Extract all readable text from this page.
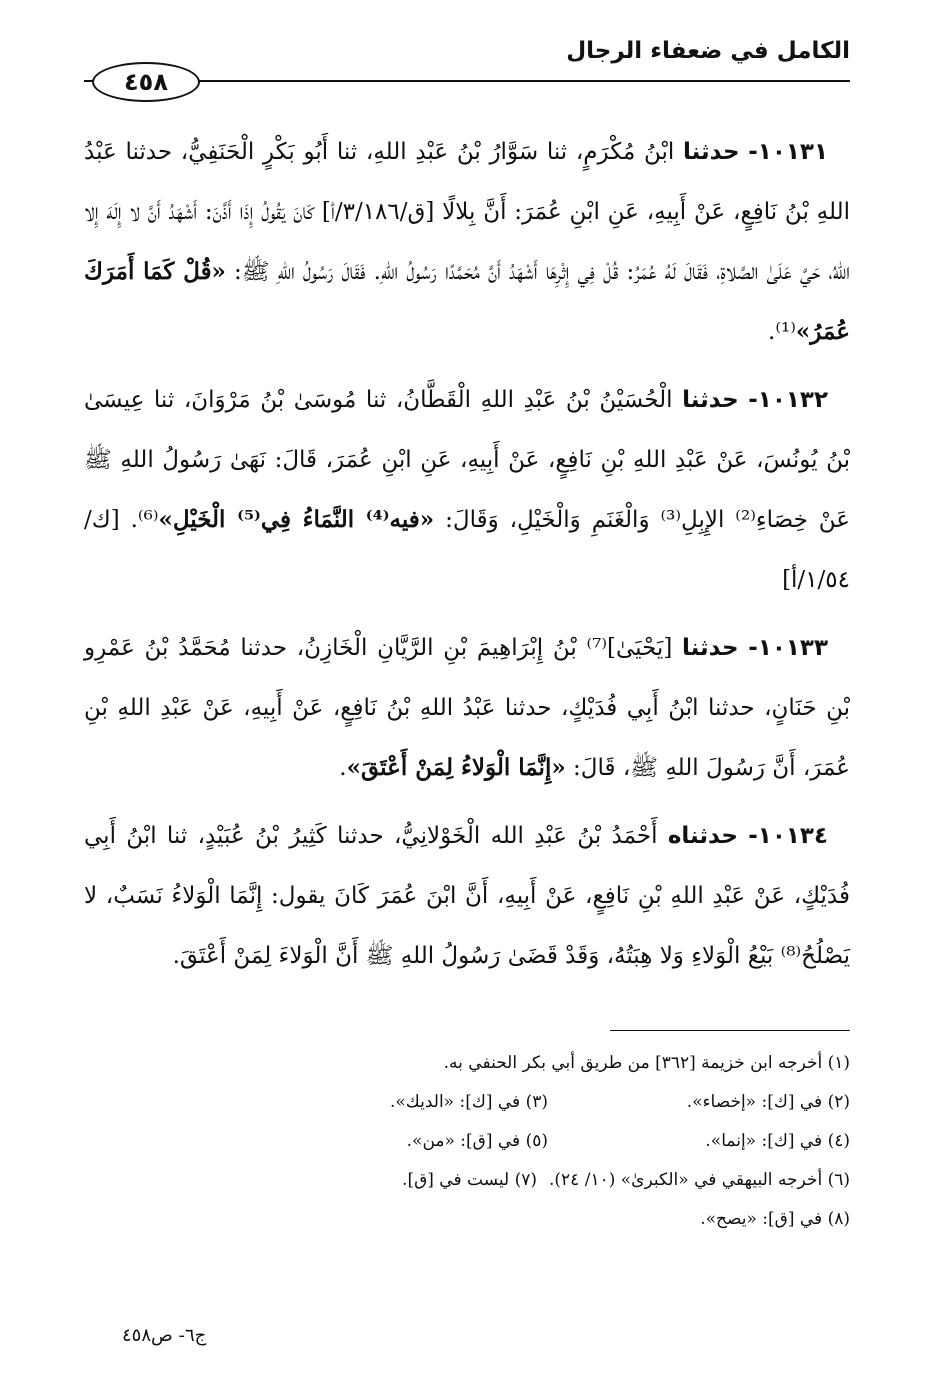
الكامل في ضعفاء الرجال
٤٥٨

١٠١٣١- حدثنا ابْنُ مُكْرَمٍ، ثنا سَوَّارُ بْنُ عَبْدِ اللهِ، ثنا أَبُو بَكْرٍ الْحَنَفِيُّ، حدثنا عَبْدُ اللهِ بْنُ نَافِعٍ، عَنْ أَبِيهِ، عَنِ ابْنِ عُمَرَ: أَنَّ بِلالًا [ق/٣/١٨٦/أ] كَانَ يَقُولُ إِذَا أَذَّنَ: أَشْهَدُ أَنَّ لا إِلَهَ إِلا اللهُ، حَيَّ عَلَىٰ الصَّلاةِ، فَقَالَ لَهُ عُمَرُ: قُلْ فِي إِثْرِهَا أَشْهَدُ أَنَّ مُحَمَّدًا رَسُولُ اللهِ. فَقَالَ رَسُولُ اللهِ ﷺ: «قُلْ كَمَا أَمَرَكَ عُمَرُ»⁽¹⁾.

١٠١٣٢- حدثنا الْحُسَيْنُ بْنُ عَبْدِ اللهِ الْقَطَّانُ، ثنا مُوسَىٰ بْنُ مَرْوَانَ، ثنا عِيسَىٰ بْنُ يُونُسَ، عَنْ عَبْدِ اللهِ بْنِ نَافِعٍ، عَنْ أَبِيهِ، عَنِ ابْنِ عُمَرَ، قَالَ: نَهَىٰ رَسُولُ اللهِ ﷺ عَنْ خِصَاءِ⁽²⁾ الإِبِلِ⁽³⁾ وَالْغَنَمِ وَالْخَيْلِ، وَقَالَ: «فيه⁽⁴⁾ النَّمَاءُ فِي⁽⁵⁾ الْخَيْلِ»⁽⁶⁾. [ك/١/٥٤/أ]

١٠١٣٣- حدثنا [يَحْيَىٰ]⁽⁷⁾ بْنُ إِبْرَاهِيمَ بْنِ الرَّيَّانِ الْخَازِنُ، حدثنا مُحَمَّدُ بْنُ عَمْرِو بْنِ حَنَانٍ، حدثنا ابْنُ أَبِي فُدَيْكٍ، حدثنا عَبْدُ اللهِ بْنُ نَافِعٍ، عَنْ أَبِيهِ، عَنْ عَبْدِ اللهِ بْنِ عُمَرَ، أَنَّ رَسُولَ اللهِ ﷺ، قَالَ: «إِنَّمَا الْوَلاءُ لِمَنْ أَعْتَقَ».

١٠١٣٤- حدثناه أَحْمَدُ بْنُ عَبْدِ الله الْخَوْلانِيُّ، حدثنا كَثِيرُ بْنُ عُبَيْدٍ، ثنا ابْنُ أَبِي فُدَيْكٍ، عَنْ عَبْدِ اللهِ بْنِ نَافِعٍ، عَنْ أَبِيهِ، أَنَّ ابْنَ عُمَرَ كَانَ يقول: إِنَّمَا الْوَلاءُ نَسَبٌ، لا يَصْلُحُ⁽⁸⁾ بَيْعُ الْوَلاءِ وَلا هِبَتُهُ، وَقَدْ قَضَىٰ رَسُولُ اللهِ ﷺ أَنَّ الْوَلاءَ لِمَنْ أَعْتَقَ.

(١) أخرجه ابن خزيمة [٣٦٢] من طريق أبي بكر الحنفي به.
(٢) في [ك]: «إخصاء».
(٣) في [ك]: «الديك».
(٤) في [ك]: «إنما».
(٥) في [ق]: «من».
(٦) أخرجه البيهقي في «الكبرىٰ» (١٠/ ٢٤).
(٧) ليست في [ق].
(٨) في [ق]: «يصح».
ج٦- ص٤٥٨
